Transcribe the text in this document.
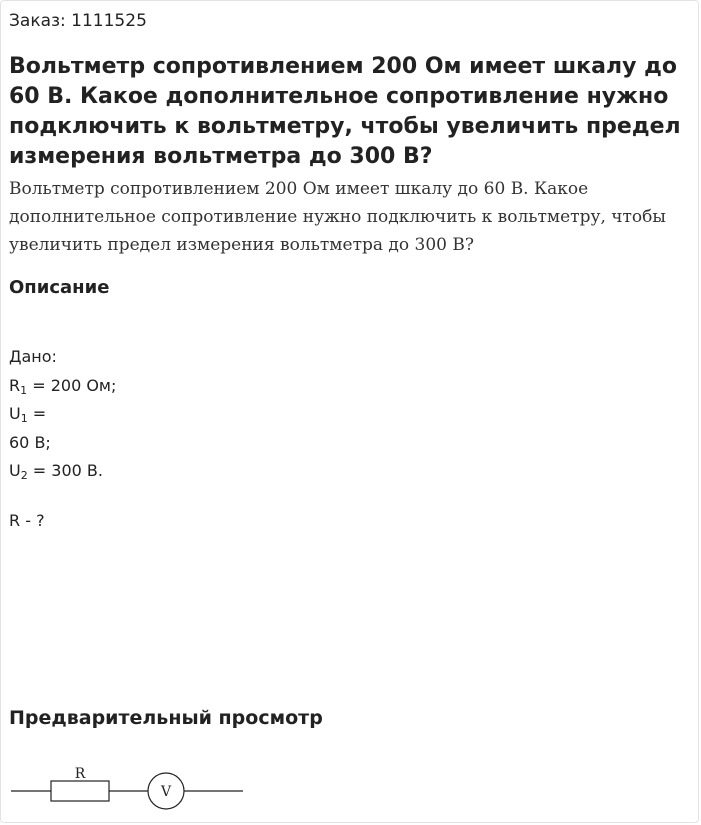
Заказ: 1111525
Вольтметр сопротивлением 200 Ом имеет шкалу до 60 В. Какое дополнительное сопротивление нужно подключить к вольтметру, чтобы увеличить предел измерения вольтметра до 300 В?
Вольтметр сопротивлением 200 Ом имеет шкалу до 60 В. Какое дополнительное сопротивление нужно подключить к вольтметру, чтобы увеличить предел измерения вольтметра до 300 В?
Описание
Дано:
$R_1 = 200$ Ом;
$U_1$ =
60 В;
$U_2 = 300$ В.
R - ?
Предварительный просмотр
R
V
